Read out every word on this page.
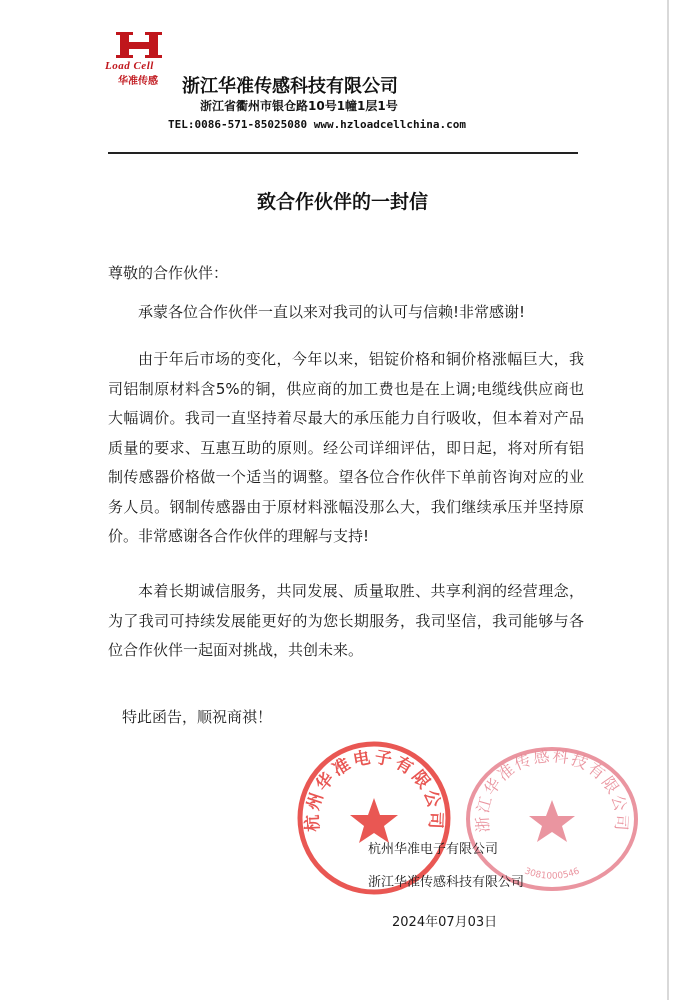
Load Cell
华准传感 浙江华准传感科技有限公司
浙江省衢州市银仓路10号1幢1层1号
TEL:0086-571-85025080 www.hzloadcellchina.com
致合作伙伴的一封信
尊敬的合作伙伴：
承蒙各位合作伙伴一直以来对我司的认可与信赖!非常感谢!
由于年后市场的变化，今年以来，铝锭价格和铜价格涨幅巨大，我司铝制原材料含5%的铜，供应商的加工费也是在上调;电缆线供应商也大幅调价。我司一直坚持着尽最大的承压能力自行吸收，但本着对产品质量的要求、互惠互助的原则。经公司详细评估，即日起，将对所有铝制传感器价格做一个适当的调整。望各位合作伙伴下单前咨询对应的业务人员。钢制传感器由于原材料涨幅没那么大，我们继续承压并坚持原价。非常感谢各合作伙伴的理解与支持!
本着长期诚信服务，共同发展、质量取胜、共享利润的经营理念，为了我司可持续发展能更好的为您长期服务，我司坚信，我司能够与各位合作伙伴一起面对挑战，共创未来。
特此函告，顺祝商祺！
杭州华准电子有限公司 浙江华准传感科技有限公司
3081000546
杭州华准电子有限公司
浙江华准传感科技有限公司
2024年07月03日
